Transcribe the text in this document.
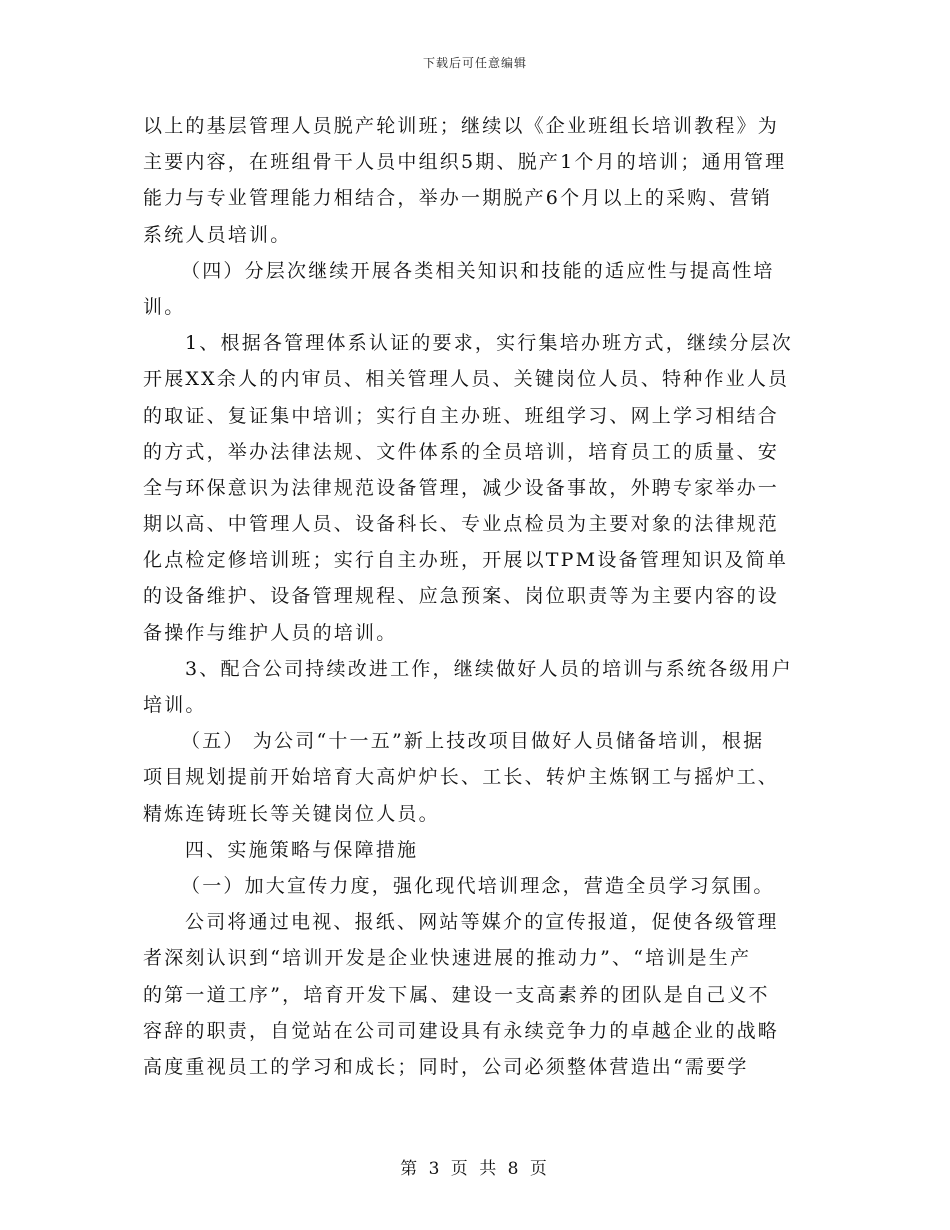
下载后可任意编辑
以上的基层管理人员脱产轮训班；继续以《企业班组长培训教程》为
主要内容，在班组骨干人员中组织5期、脱产1个月的培训；通用管理
能力与专业管理能力相结合，举办一期脱产6个月以上的采购、营销
系统人员培训。
（四）分层次继续开展各类相关知识和技能的适应性与提高性培
训。
1、根据各管理体系认证的要求，实行集培办班方式，继续分层次
开展XX余人的内审员、相关管理人员、关键岗位人员、特种作业人员
的取证、复证集中培训；实行自主办班、班组学习、网上学习相结合
的方式，举办法律法规、文件体系的全员培训，培育员工的质量、安
全与环保意识为法律规范设备管理，减少设备事故，外聘专家举办一
期以高、中管理人员、设备科长、专业点检员为主要对象的法律规范
化点检定修培训班；实行自主办班，开展以TPM设备管理知识及简单
的设备维护、设备管理规程、应急预案、岗位职责等为主要内容的设
备操作与维护人员的培训。
3、配合公司持续改进工作，继续做好人员的培训与系统各级用户
培训。
（五） 为公司“十一五”新上技改项目做好人员储备培训，根据
项目规划提前开始培育大高炉炉长、工长、转炉主炼钢工与摇炉工、
精炼连铸班长等关键岗位人员。
四、实施策略与保障措施
（一）加大宣传力度，强化现代培训理念，营造全员学习氛围。
公司将通过电视、报纸、网站等媒介的宣传报道，促使各级管理
者深刻认识到“培训开发是企业快速进展的推动力”、“培训是生产
的第一道工序”，培育开发下属、建设一支高素养的团队是自己义不
容辞的职责，自觉站在公司司建设具有永续竞争力的卓越企业的战略
高度重视员工的学习和成长；同时，公司必须整体营造出“需要学
第 3 页 共 8 页
